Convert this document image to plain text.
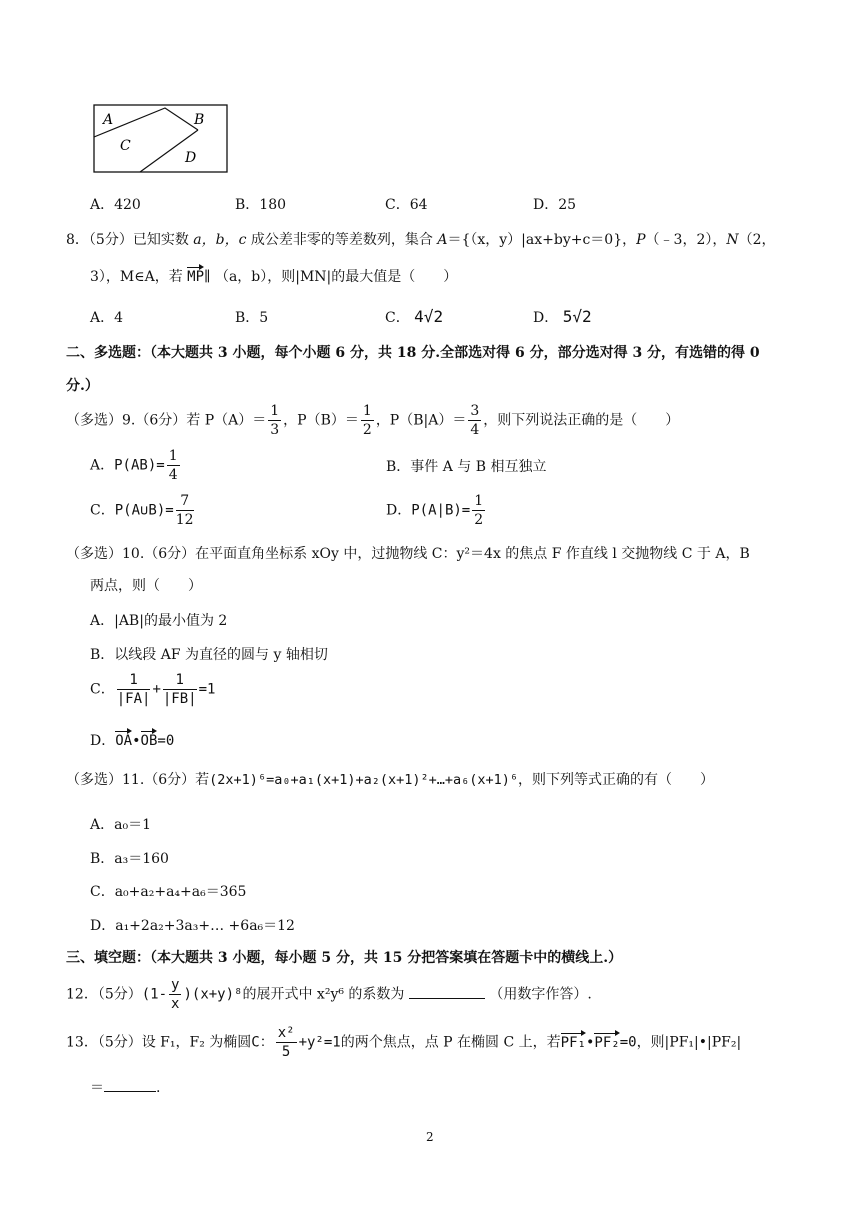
A	B
C
D
A．420	B．180	C．64	D．25
8．（5分）已知实数 a，b，c 成公差非零的等差数列，集合 A＝{（x，y）|ax+by+c＝0}，P（﹣3，2），N（2，
3），M∈A，若 MP∥ （a，b），则|MN|的最大值是（　　）
A．4	B．5	C． 4√2	D． 5√2
二、多选题：（本大题共 3 小题，每个小题 6 分，共 18 分.全部选对得 6 分，部分选对得 3 分，有选错的得 0
分.）
（多选）9.（6分）若 $P(A)= \frac{1}{3}$ ，$P(B)= \frac{1}{2}$ ，$P(B|A)= \frac{3}{4}$ ，则下列说法正确的是（　　）
A．$P(AB)= \frac{1}{4}$	B．事件 A 与 B 相互独立
C．P(A∪B)= $\frac{7}{12}$	D．$P(A|B)= \frac{1}{2}$
（多选）10.（6分）在平面直角坐标系 xOy 中，过抛物线 C：y²＝4x 的焦点 F 作直线 l 交抛物线 C 于 A，B
两点，则（　　）
A．|AB|的最小值为 2
B．以线段 AF 为直径的圆与 y 轴相切
C． $\frac{1}{|FA|} + \frac{1}{|FB|} =1$
D．OA•OB=0
（多选）11.（6分）若(2x+1)⁶=a₀+a₁(x+1)+a₂(x+1)²+…+a₆(x+1)⁶，则下列等式正确的有（　　）
A．a₀＝1
B．a₃＝160
C．a₀+a₂+a₄+a₆＝365
D．a₁+2a₂+3a₃+… +6a₆＝12
三、填空题：（本大题共 3 小题，每小题 5 分，共 15 分把答案填在答题卡中的横线上.）
12．（5分）$(1- \frac{y}{x} )(x+y)^8$的展开式中 x²y⁶ 的系数为	（用数字作答）.
13．（5分）设 F₁，F₂ 为椭圆C： $\frac{\text{x²}}{5} +y^2=1$的两个焦点，点 P 在椭圆 C 上，若PF₁•PF₂=0，则|PF₁|•|PF₂|
＝	.
2
